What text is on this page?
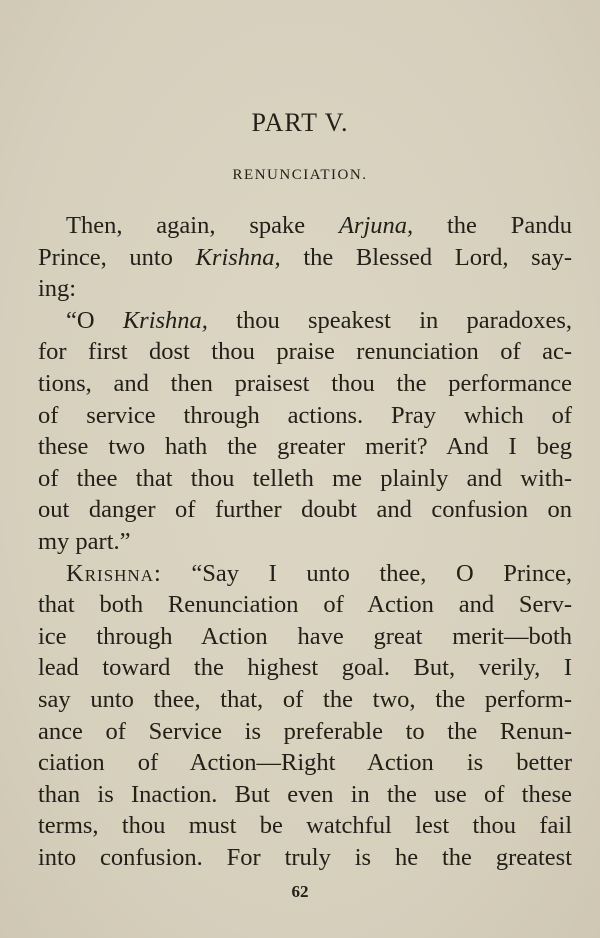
PART V.
RENUNCIATION.
Then, again, spake Arjuna, the Pandu
Prince, unto Krishna, the Blessed Lord, say-
ing:
“O Krishna, thou speakest in paradoxes,
for first dost thou praise renunciation of ac-
tions, and then praisest thou the performance
of service through actions. Pray which of
these two hath the greater merit? And I beg
of thee that thou telleth me plainly and with-
out danger of further doubt and confusion on
my part.”
Krishna: “Say I unto thee, O Prince,
that both Renunciation of Action and Serv-
ice through Action have great merit—both
lead toward the highest goal. But, verily, I
say unto thee, that, of the two, the perform-
ance of Service is preferable to the Renun-
ciation of Action—Right Action is better
than is Inaction. But even in the use of these
terms, thou must be watchful lest thou fail
into confusion. For truly is he the greatest
62
